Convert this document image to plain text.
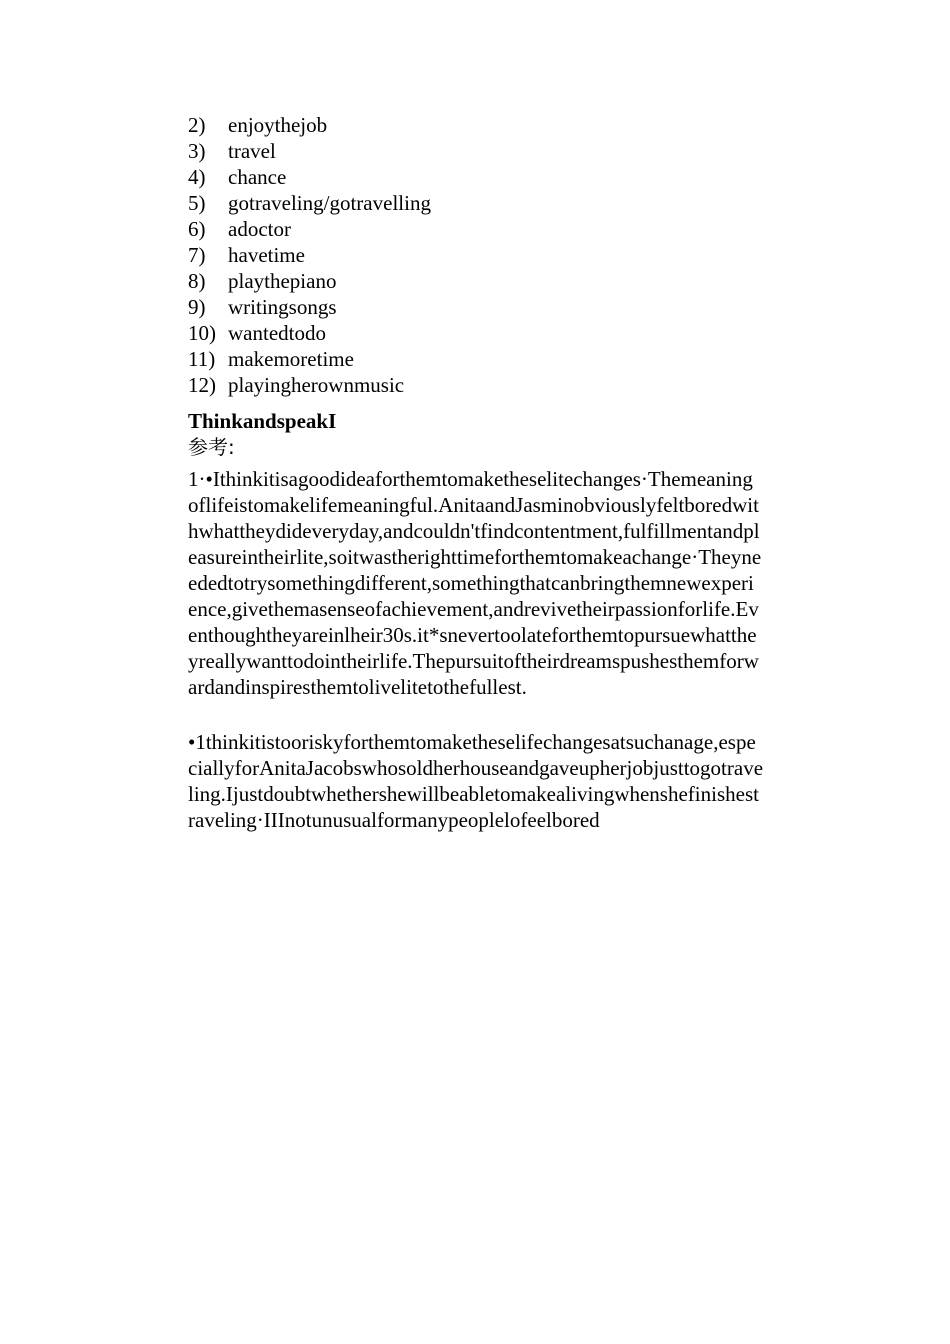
2)	enjoythejob
3)	travel
4)	chance
5)	gotraveling/gotravelling
6)	adoctor
7)	havetime
8)	playthepiano
9)	writingsongs
10) wantedtodo
11) makemoretime
12) playingherownmusic
ThinkandspeakI
参考:

1·•Ithinkitisagoodideaforthemtomaketheselitechanges·Themeaningoflifeistomakelifemeaningful.AnitaandJasminobviouslyfeltboredwithwhattheydideveryday,andcouldn'tfindcontentment,fulfillmentandpleasureintheirlite,soitwastherighttimeforthemtomakeachange·Theyneededtotrysomethingdifferent,somethingthatcanbringthemnewexperience,givethemasenseofachievement,andrevivetheirpassionforlife.Eventhoughtheyareinlheir30s.it*snevertoolateforthemtopursuewhattheyreallywanttodointheirlife.Thepursuitoftheirdreamspushesthemforwardandinspiresthemtolivelitetothefullest.

•1thinkitistooriskyforthemtomaketheselifechangesatsuchanage,especiallyforAnitaJacobswhosoldherhouseandgaveupherjobjusttogotraveling.Ijustdoubtwhethershewillbeabletomakealivingwhenshefinishestraveling·IIInotunusualformanypeoplelofeelbored
